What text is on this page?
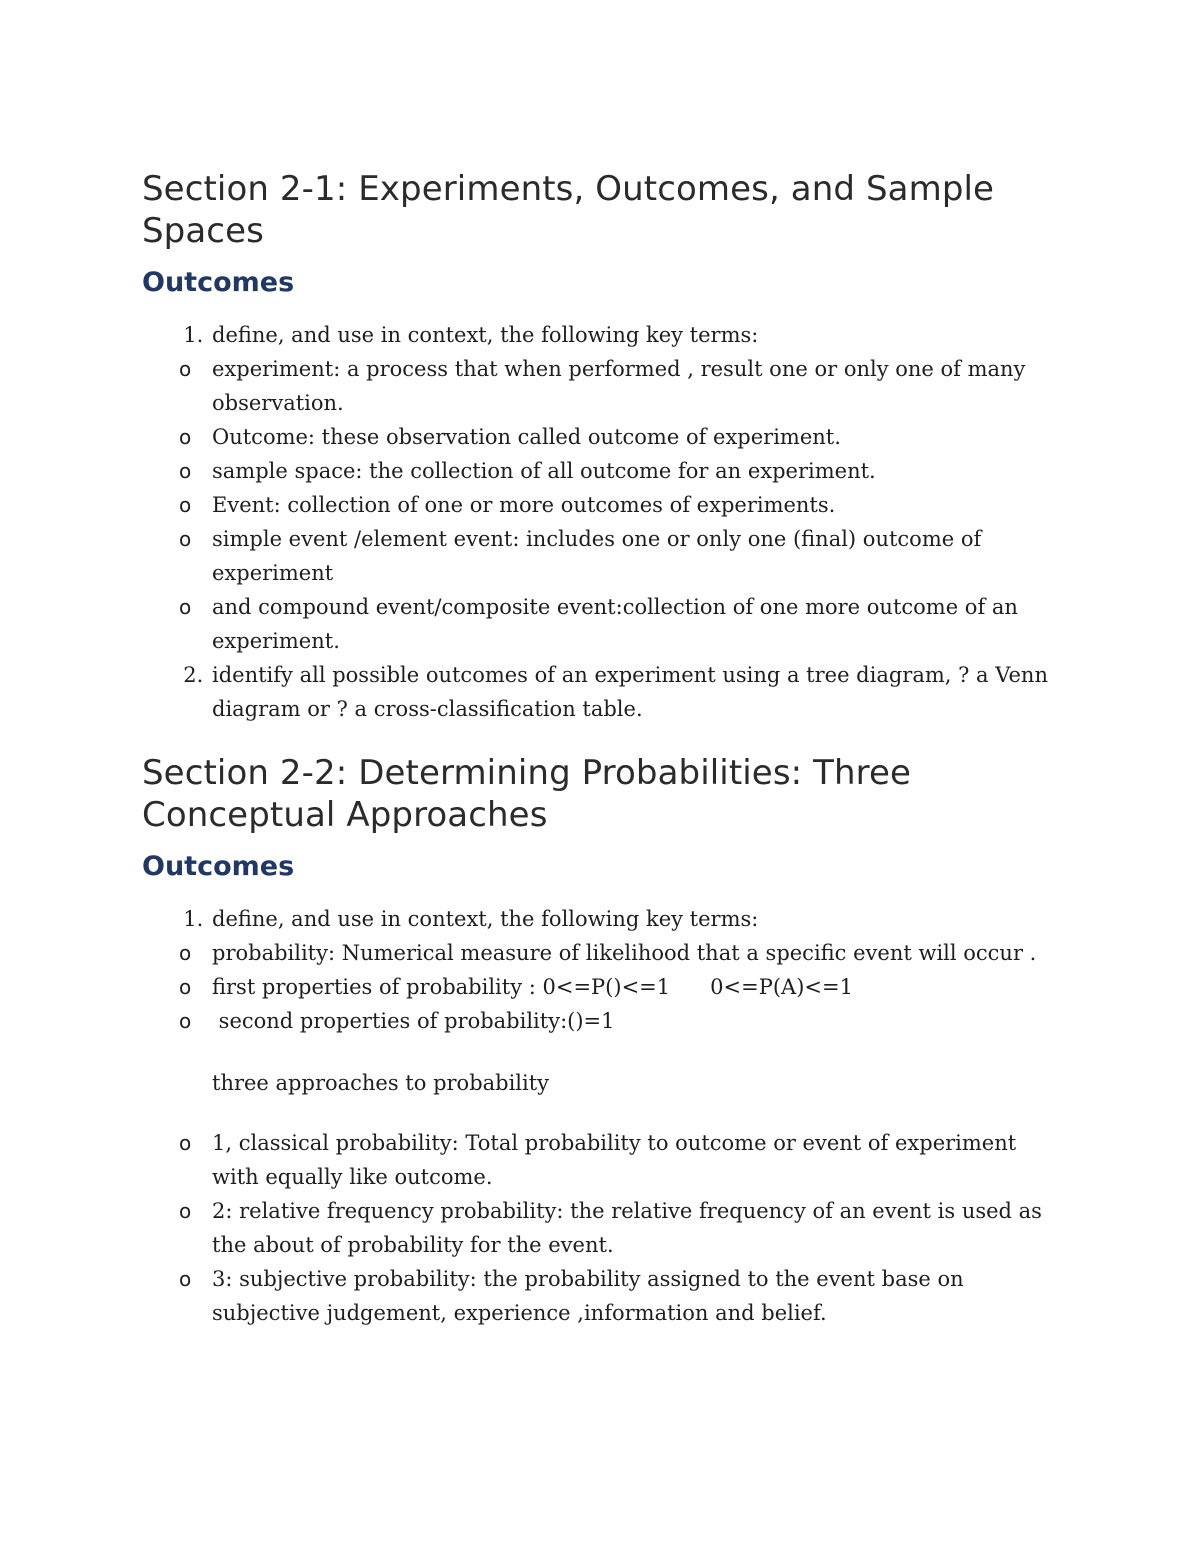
Section 2-1: Experiments, Outcomes, and Sample Spaces
Outcomes
1. define, and use in context, the following key terms:
o experiment: a process that when performed , result one or only one of many observation.
o Outcome: these observation called outcome of experiment.
o sample space: the collection of all outcome for an experiment.
o Event: collection of one or more outcomes of experiments.
o simple event /element event: includes one or only one (final) outcome of experiment
o and compound event/composite event:collection of one more outcome of an experiment.
2. identify all possible outcomes of an experiment using a tree diagram, ? a Venn diagram or ? a cross-classification table.
Section 2-2: Determining Probabilities: Three Conceptual Approaches
Outcomes
1. define, and use in context, the following key terms:
o probability: Numerical measure of likelihood that a specific event will occur .
o first properties of probability : 0<=P()<=1      0<=P(A)<=1
o second properties of probability:()=1
three approaches to probability
o 1, classical probability: Total probability to outcome or event of experiment with equally like outcome.
o 2: relative frequency probability: the relative frequency of an event is used as the about of probability for the event.
o 3: subjective probability: the probability assigned to the event base on subjective judgement, experience ,information and belief.
